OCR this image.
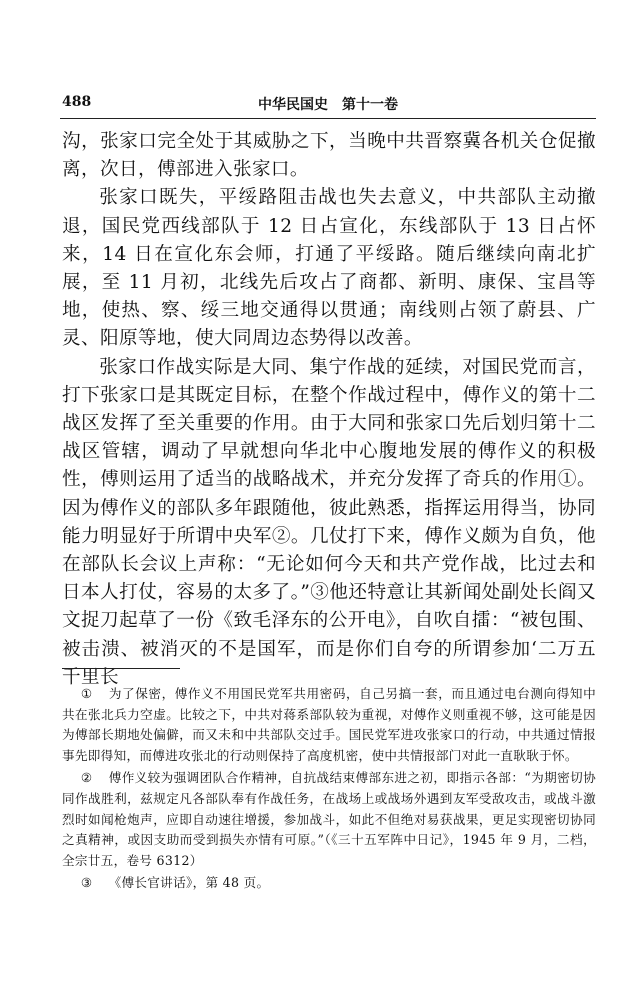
488	中华民国史　第十一卷

沟，张家口完全处于其威胁之下，当晚中共晋察冀各机关仓促撤离，次日，傅部进入张家口。

张家口既失，平绥路阻击战也失去意义，中共部队主动撤退，国民党西线部队于 12 日占宣化，东线部队于 13 日占怀来，14 日在宣化东会师，打通了平绥路。随后继续向南北扩展，至 11 月初，北线先后攻占了商都、新明、康保、宝昌等地，使热、察、绥三地交通得以贯通；南线则占领了蔚县、广灵、阳原等地，使大同周边态势得以改善。

张家口作战实际是大同、集宁作战的延续，对国民党而言，打下张家口是其既定目标，在整个作战过程中，傅作义的第十二战区发挥了至关重要的作用。由于大同和张家口先后划归第十二战区管辖，调动了早就想向华北中心腹地发展的傅作义的积极性，傅则运用了适当的战略战术，并充分发挥了奇兵的作用①。因为傅作义的部队多年跟随他，彼此熟悉，指挥运用得当，协同能力明显好于所谓中央军②。几仗打下来，傅作义颇为自负，他在部队长会议上声称：“无论如何今天和共产党作战，比过去和日本人打仗，容易的太多了。”③他还特意让其新闻处副处长阎又文捉刀起草了一份《致毛泽东的公开电》，自吹自擂：“被包围、被击溃、被消灭的不是国军，而是你们自夸的所谓参加‘二万五千里长

① 为了保密，傅作义不用国民党军共用密码，自己另搞一套，而且通过电台测向得知中共在张北兵力空虚。比较之下，中共对蒋系部队较为重视，对傅作义则重视不够，这可能是因为傅部长期地处偏僻，而又未和中共部队交过手。国民党军进攻张家口的行动，中共通过情报事先即得知，而傅进攻张北的行动则保持了高度机密，使中共情报部门对此一直耿耿于怀。

② 傅作义较为强调团队合作精神，自抗战结束傅部东进之初，即指示各部：“为期密切协同作战胜利，兹规定凡各部队奉有作战任务，在战场上或战场外遇到友军受敌攻击，或战斗激烈时如闻枪炮声，应即自动速往增援，参加战斗，如此不但绝对易获战果，更足实现密切协同之真精神，或因支助而受到损失亦情有可原。”（《三十五军阵中日记》，1945 年 9 月，二档，全宗廿五，卷号 6312）

③ 《傅长官讲话》，第 48 页。
